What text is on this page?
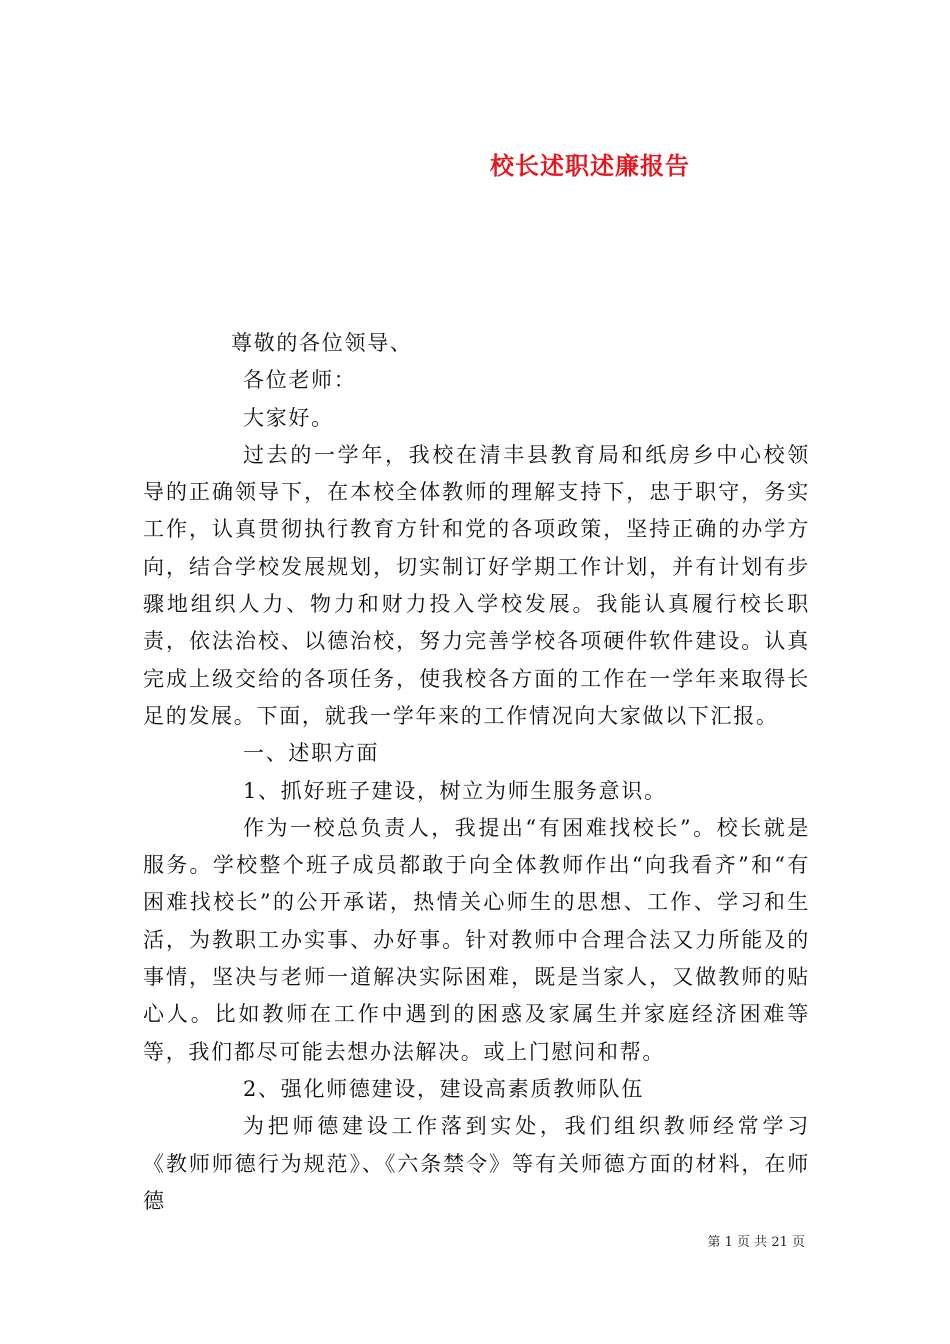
校长述职述廉报告

尊敬的各位领导、

各位老师：

大家好。

过去的一学年，我校在清丰县教育局和纸房乡中心校领导的正确领导下，在本校全体教师的理解支持下，忠于职守，务实工作，认真贯彻执行教育方针和党的各项政策，坚持正确的办学方向，结合学校发展规划，切实制订好学期工作计划，并有计划有步骤地组织人力、物力和财力投入学校发展。我能认真履行校长职责，依法治校、以德治校，努力完善学校各项硬件软件建设。认真完成上级交给的各项任务，使我校各方面的工作在一学年来取得长足的发展。下面，就我一学年来的工作情况向大家做以下汇报。

一、述职方面

1、抓好班子建设，树立为师生服务意识。

作为一校总负责人，我提出“有困难找校长”。校长就是服务。学校整个班子成员都敢于向全体教师作出“向我看齐”和“有困难找校长”的公开承诺，热情关心师生的思想、工作、学习和生活，为教职工办实事、办好事。针对教师中合理合法又力所能及的事情，坚决与老师一道解决实际困难，既是当家人，又做教师的贴心人。比如教师在工作中遇到的困惑及家属生并家庭经济困难等等，我们都尽可能去想办法解决。或上门慰问和帮。

2、强化师德建设，建设高素质教师队伍

为把师德建设工作落到实处，我们组织教师经常学习《教师师德行为规范》、《六条禁令》等有关师德方面的材料，在师德

第 1 页 共 21 页
